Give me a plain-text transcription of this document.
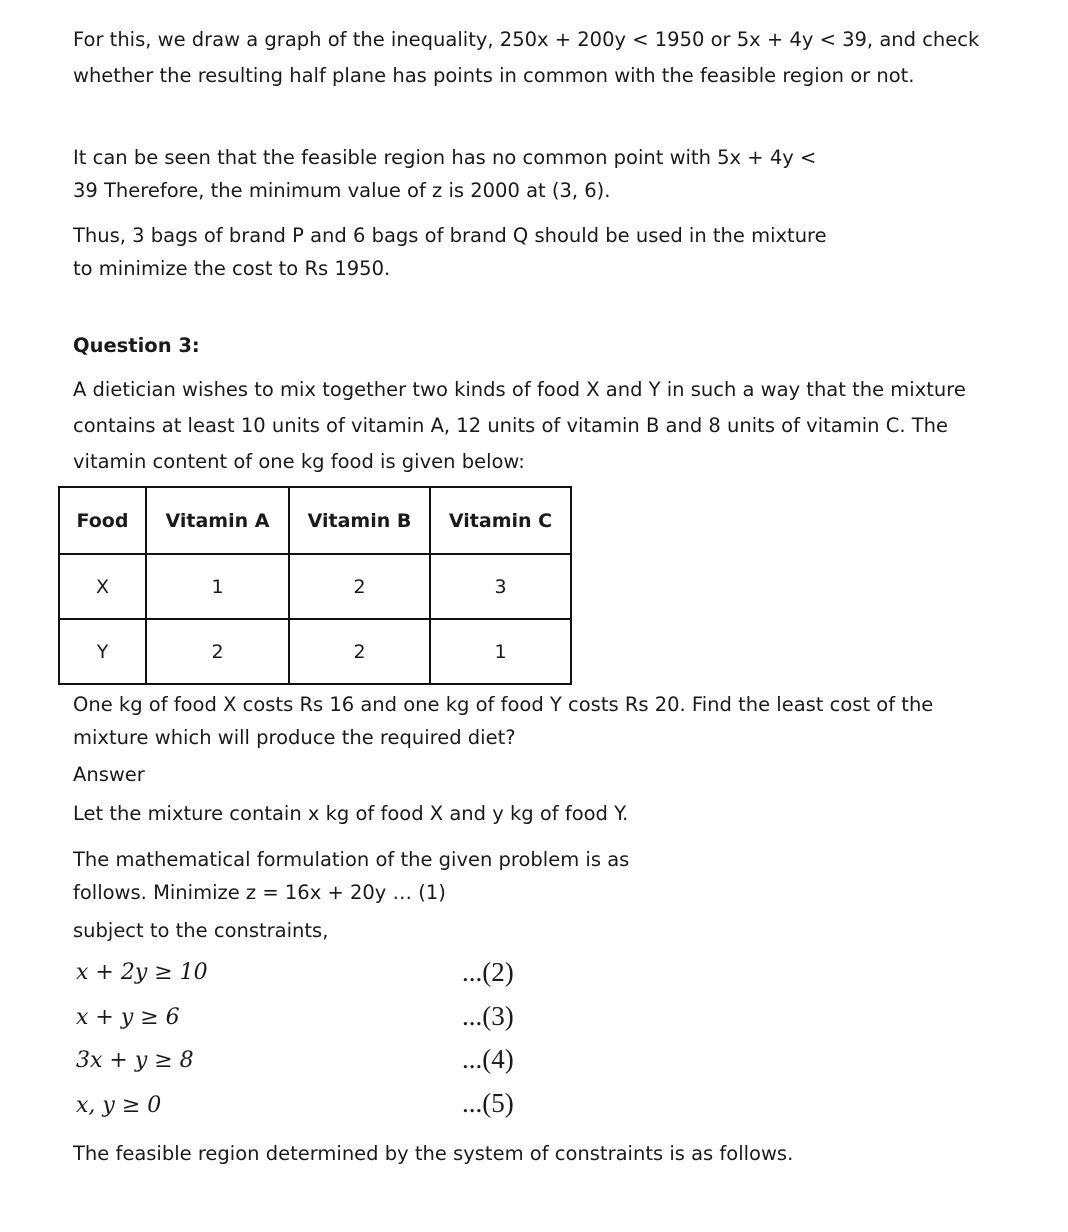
For this, we draw a graph of the inequality, 250x + 200y < 1950 or 5x + 4y < 39, and check whether the resulting half plane has points in common with the feasible region or not.

It can be seen that the feasible region has no common point with 5x + 4y <

39 Therefore, the minimum value of z is 2000 at (3, 6).

Thus, 3 bags of brand P and 6 bags of brand Q should be used in the mixture

to minimize the cost to Rs 1950.

Question 3:

A dietician wishes to mix together two kinds of food X and Y in such a way that the mixture contains at least 10 units of vitamin A, 12 units of vitamin B and 8 units of vitamin C. The vitamin content of one kg food is given below:

Food	Vitamin A	Vitamin B	Vitamin C
X	1	2	3
Y	2	2	1

One kg of food X costs Rs 16 and one kg of food Y costs Rs 20. Find the least cost of the mixture which will produce the required diet?

Answer

Let the mixture contain x kg of food X and y kg of food Y.

The mathematical formulation of the given problem is as

follows. Minimize z = 16x + 20y … (1)

subject to the constraints,

x + 2y ≥ 10	...(2)
x + y ≥ 6	...(3)
3x + y ≥ 8	...(4)
x, y ≥ 0	...(5)

The feasible region determined by the system of constraints is as follows.
